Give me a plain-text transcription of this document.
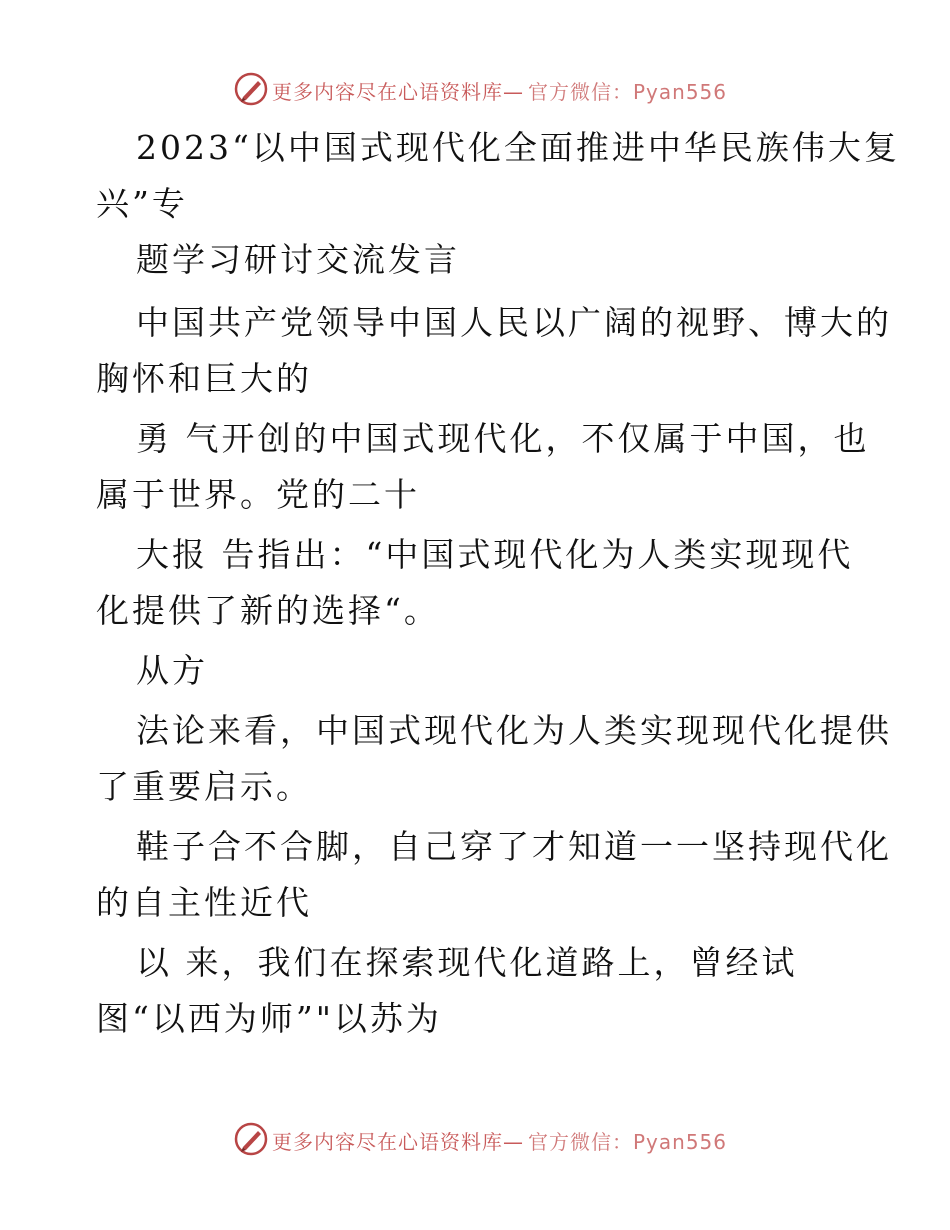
更多内容尽在心语资料库— 官方微信：Pyan556
2023“以中国式现代化全面推进中华民族伟大复
兴”专
题学习研讨交流发言
中国共产党领导中国人民以广阔的视野、博大的
胸怀和巨大的
勇 气开创的中国式现代化，不仅属于中国，也
属于世界。党的二十
大报 告指出：“中国式现代化为人类实现现代
化提供了新的选择“。
从方
法论来看，中国式现代化为人类实现现代化提供
了重要启示。
鞋子合不合脚，自己穿了才知道一一坚持现代化
的自主性近代
以 来，我们在探索现代化道路上，曾经试
图“以西为师”"以苏为
更多内容尽在心语资料库— 官方微信：Pyan556
